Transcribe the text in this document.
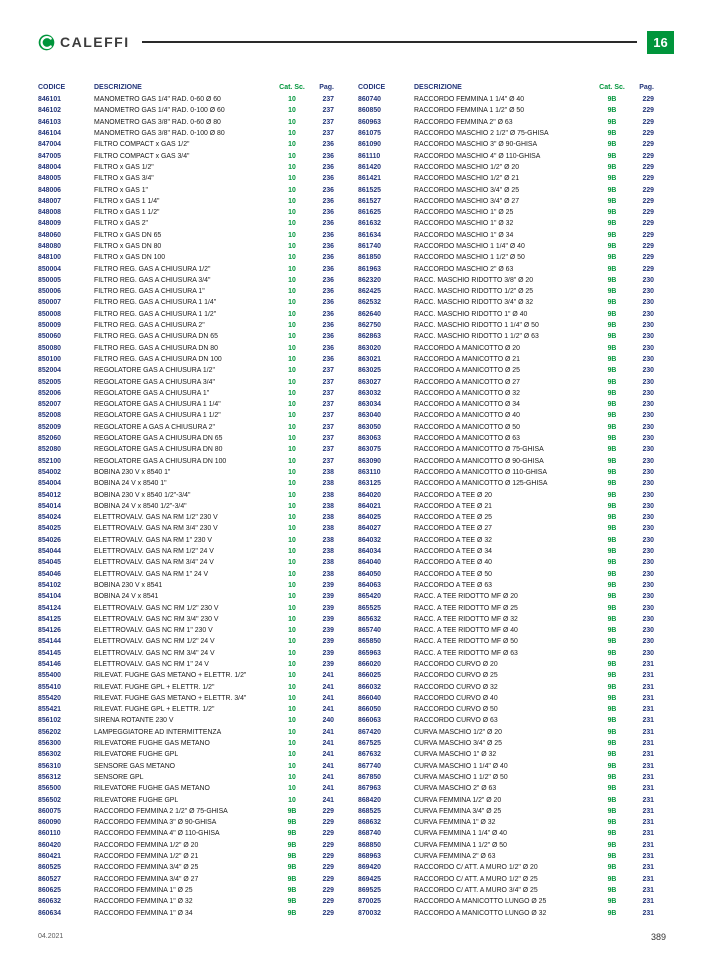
CALEFFI	16
CODICE	DESCRIZIONE	Cat. Sc.	Pag.
846101	MANOMETRO GAS 1/4" RAD. 0-60 Ø 60	10	237
846102	MANOMETRO GAS 1/4" RAD. 0-100 Ø 60	10	237
846103	MANOMETRO GAS 3/8" RAD. 0-60 Ø 80	10	237
846104	MANOMETRO GAS 3/8" RAD. 0-100 Ø 80	10	237
847004	FILTRO COMPACT x GAS 1/2"	10	236
847005	FILTRO COMPACT x GAS 3/4"	10	236
848004	FILTRO x GAS 1/2"	10	236
848005	FILTRO x GAS 3/4"	10	236
848006	FILTRO x GAS 1"	10	236
848007	FILTRO x GAS 1 1/4"	10	236
848008	FILTRO x GAS 1 1/2"	10	236
848009	FILTRO x GAS 2"	10	236
848060	FILTRO x GAS DN 65	10	236
848080	FILTRO x GAS DN 80	10	236
848100	FILTRO x GAS DN 100	10	236
850004	FILTRO REG. GAS A CHIUSURA 1/2"	10	236
850005	FILTRO REG. GAS A CHIUSURA 3/4"	10	236
850006	FILTRO REG. GAS A CHIUSURA 1"	10	236
850007	FILTRO REG. GAS A CHIUSURA 1 1/4"	10	236
850008	FILTRO REG. GAS A CHIUSURA 1 1/2"	10	236
850009	FILTRO REG. GAS A CHIUSURA 2"	10	236
850060	FILTRO REG. GAS A CHIUSURA DN 65	10	236
850080	FILTRO REG. GAS A CHIUSURA DN 80	10	236
850100	FILTRO REG. GAS A CHIUSURA DN 100	10	236
852004	REGOLATORE GAS A CHIUSURA 1/2"	10	237
852005	REGOLATORE GAS A CHIUSURA 3/4"	10	237
852006	REGOLATORE GAS A CHIUSURA 1"	10	237
852007	REGOLATORE GAS A CHIUSURA 1 1/4"	10	237
852008	REGOLATORE GAS A CHIUSURA 1 1/2"	10	237
852009	REGOLATORE A GAS A CHIUSURA 2"	10	237
852060	REGOLATORE GAS A CHIUSURA DN 65	10	237
852080	REGOLATORE GAS A CHIUSURA DN 80	10	237
852100	REGOLATORE GAS A CHIUSURA DN 100	10	237
854002	BOBINA 230 V x 8540 1"	10	238
854004	BOBINA 24 V x 8540 1"	10	238
854012	BOBINA 230 V x 8540 1/2"-3/4"	10	238
854014	BOBINA 24 V x 8540 1/2"-3/4"	10	238
854024	ELETTROVALV. GAS NA RM 1/2" 230 V	10	238
854025	ELETTROVALV. GAS NA RM 3/4" 230 V	10	238
854026	ELETTROVALV. GAS NA RM 1" 230 V	10	238
854044	ELETTROVALV. GAS NA RM 1/2" 24 V	10	238
854045	ELETTROVALV. GAS NA RM 3/4" 24 V	10	238
854046	ELETTROVALV. GAS NA RM 1" 24 V	10	238
854102	BOBINA 230 V x 8541	10	239
854104	BOBINA 24 V x 8541	10	239
854124	ELETTROVALV. GAS NC RM 1/2" 230 V	10	239
854125	ELETTROVALV. GAS NC RM 3/4" 230 V	10	239
854126	ELETTROVALV. GAS NC RM 1" 230 V	10	239
854144	ELETTROVALV. GAS NC RM 1/2" 24 V	10	239
854145	ELETTROVALV. GAS NC RM 3/4" 24 V	10	239
854146	ELETTROVALV. GAS NC RM 1" 24 V	10	239
855400	RILEVAT. FUGHE GAS METANO + ELETTR. 1/2"	10	241
855410	RILEVAT. FUGHE GPL + ELETTR. 1/2"	10	241
855420	RILEVAT. FUGHE GAS METANO + ELETTR. 3/4"	10	241
855421	RILEVAT. FUGHE GPL + ELETTR. 1/2"	10	241
856102	SIRENA ROTANTE 230 V	10	240
856202	LAMPEGGIATORE AD INTERMITTENZA	10	241
856300	RILEVATORE FUGHE GAS METANO	10	241
856302	RILEVATORE FUGHE GPL	10	241
856310	SENSORE GAS METANO	10	241
856312	SENSORE GPL	10	241
856500	RILEVATORE FUGHE GAS METANO	10	241
856502	RILEVATORE FUGHE GPL	10	241
860075	RACCORDO FEMMINA 2 1/2" Ø 75-GHISA	9B	229
860090	RACCORDO FEMMINA 3" Ø 90-GHISA	9B	229
860110	RACCORDO FEMMINA 4" Ø 110-GHISA	9B	229
860420	RACCORDO FEMMINA 1/2" Ø 20	9B	229
860421	RACCORDO FEMMINA 1/2" Ø 21	9B	229
860525	RACCORDO FEMMINA 3/4" Ø 25	9B	229
860527	RACCORDO FEMMINA 3/4" Ø 27	9B	229
860625	RACCORDO FEMMINA 1" Ø 25	9B	229
860632	RACCORDO FEMMINA 1" Ø 32	9B	229
860634	RACCORDO FEMMINA 1" Ø 34	9B	229
CODICE	DESCRIZIONE	Cat. Sc.	Pag.
860740	RACCORDO FEMMINA 1 1/4" Ø 40	9B	229
860850	RACCORDO FEMMINA 1 1/2" Ø 50	9B	229
860963	RACCORDO FEMMINA 2" Ø 63	9B	229
861075	RACCORDO MASCHIO 2 1/2" Ø 75-GHISA	9B	229
861090	RACCORDO MASCHIO 3" Ø 90-GHISA	9B	229
861110	RACCORDO MASCHIO 4" Ø 110-GHISA	9B	229
861420	RACCORDO MASCHIO 1/2" Ø 20	9B	229
861421	RACCORDO MASCHIO 1/2" Ø 21	9B	229
861525	RACCORDO MASCHIO 3/4" Ø 25	9B	229
861527	RACCORDO MASCHIO 3/4" Ø 27	9B	229
861625	RACCORDO MASCHIO 1" Ø 25	9B	229
861632	RACCORDO MASCHIO 1" Ø 32	9B	229
861634	RACCORDO MASCHIO 1" Ø 34	9B	229
861740	RACCORDO MASCHIO 1 1/4" Ø 40	9B	229
861850	RACCORDO MASCHIO 1 1/2" Ø 50	9B	229
861963	RACCORDO MASCHIO 2" Ø 63	9B	229
862320	RACC. MASCHIO RIDOTTO 3/8" Ø 20	9B	230
862425	RACC. MASCHIO RIDOTTO 1/2" Ø 25	9B	230
862532	RACC. MASCHIO RIDOTTO 3/4" Ø 32	9B	230
862640	RACC. MASCHIO RIDOTTO 1" Ø 40	9B	230
862750	RACC. MASCHIO RIDOTTO 1 1/4" Ø 50	9B	230
862863	RACC. MASCHIO RIDOTTO 1 1/2" Ø 63	9B	230
863020	RACCORDO A MANICOTTO Ø 20	9B	230
863021	RACCORDO A MANICOTTO Ø 21	9B	230
863025	RACCORDO A MANICOTTO Ø 25	9B	230
863027	RACCORDO A MANICOTTO Ø 27	9B	230
863032	RACCORDO A MANICOTTO Ø 32	9B	230
863034	RACCORDO A MANICOTTO Ø 34	9B	230
863040	RACCORDO A MANICOTTO Ø 40	9B	230
863050	RACCORDO A MANICOTTO Ø 50	9B	230
863063	RACCORDO A MANICOTTO Ø 63	9B	230
863075	RACCORDO A MANICOTTO Ø 75-GHISA	9B	230
863090	RACCORDO A MANICOTTO Ø 90-GHISA	9B	230
863110	RACCORDO A MANICOTTO Ø 110-GHISA	9B	230
863125	RACCORDO A MANICOTTO Ø 125-GHISA	9B	230
864020	RACCORDO A TEE Ø 20	9B	230
864021	RACCORDO A TEE Ø 21	9B	230
864025	RACCORDO A TEE Ø 25	9B	230
864027	RACCORDO A TEE Ø 27	9B	230
864032	RACCORDO A TEE Ø 32	9B	230
864034	RACCORDO A TEE Ø 34	9B	230
864040	RACCORDO A TEE Ø 40	9B	230
864050	RACCORDO A TEE Ø 50	9B	230
864063	RACCORDO A TEE Ø 63	9B	230
865420	RACC. A TEE RIDOTTO MF Ø 20	9B	230
865525	RACC. A TEE RIDOTTO MF Ø 25	9B	230
865632	RACC. A TEE RIDOTTO MF Ø 32	9B	230
865740	RACC. A TEE RIDOTTO MF Ø 40	9B	230
865850	RACC. A TEE RIDOTTO MF Ø 50	9B	230
865963	RACC. A TEE RIDOTTO MF Ø 63	9B	230
866020	RACCORDO CURVO Ø 20	9B	231
866025	RACCORDO CURVO Ø 25	9B	231
866032	RACCORDO CURVO Ø 32	9B	231
866040	RACCORDO CURVO Ø 40	9B	231
866050	RACCORDO CURVO Ø 50	9B	231
866063	RACCORDO CURVO Ø 63	9B	231
867420	CURVA MASCHIO 1/2" Ø 20	9B	231
867525	CURVA MASCHIO 3/4" Ø 25	9B	231
867632	CURVA MASCHIO 1" Ø 32	9B	231
867740	CURVA MASCHIO 1 1/4" Ø 40	9B	231
867850	CURVA MASCHIO 1 1/2" Ø 50	9B	231
867963	CURVA MASCHIO 2" Ø 63	9B	231
868420	CURVA FEMMINA 1/2" Ø 20	9B	231
868525	CURVA FEMMINA 3/4" Ø 25	9B	231
868632	CURVA FEMMINA 1" Ø 32	9B	231
868740	CURVA FEMMINA 1 1/4" Ø 40	9B	231
868850	CURVA FEMMINA 1 1/2" Ø 50	9B	231
868963	CURVA FEMMINA 2" Ø 63	9B	231
869420	RACCORDO C/ ATT. A MURO 1/2" Ø 20	9B	231
869425	RACCORDO C/ ATT. A MURO 1/2" Ø 25	9B	231
869525	RACCORDO C/ ATT. A MURO 3/4" Ø 25	9B	231
870025	RACCORDO A MANICOTTO LUNGO Ø 25	9B	231
870032	RACCORDO A MANICOTTO LUNGO Ø 32	9B	231
04.2021	389
